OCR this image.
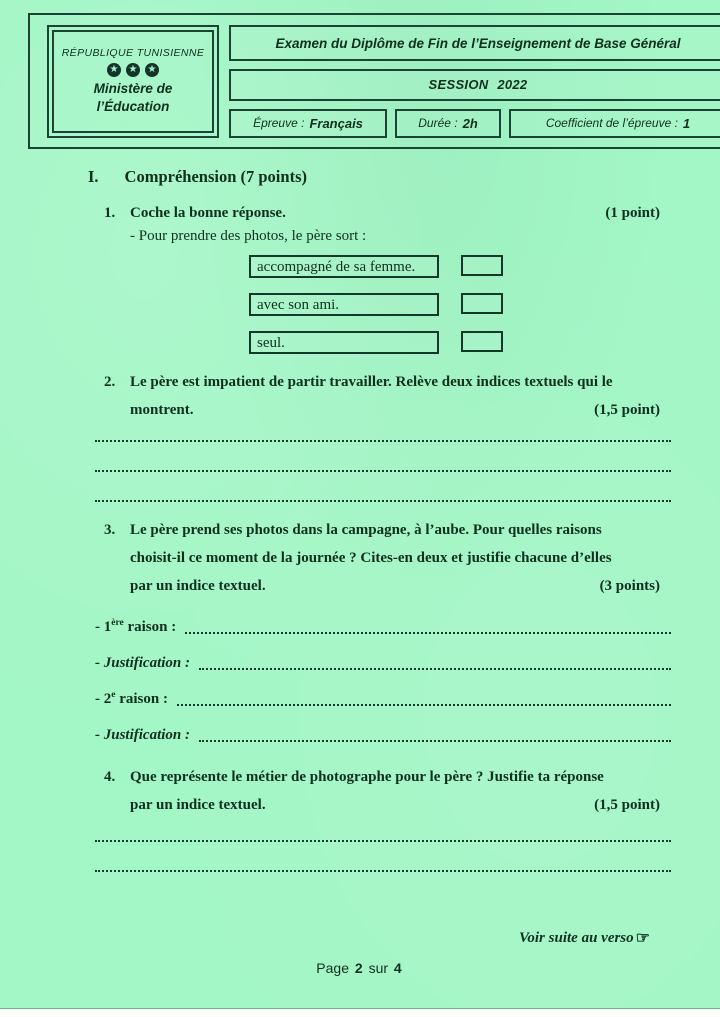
RÉPUBLIQUE TUNISIENNE
★ ★ ★
Ministère de
l’Éducation
Examen du Diplôme de Fin de l’Enseignement de Base Général
SESSION 2022
Épreuve : Français	Durée : 2h	Coefficient de l’épreuve : 1
I. Compréhension (7 points)
1. Coche la bonne réponse.	(1 point)
- Pour prendre des photos, le père sort :
accompagné de sa femme.
avec son ami.
seul.
2. Le père est impatient de partir travailler. Relève deux indices textuels qui le
montrent.	(1,5 point)
3. Le père prend ses photos dans la campagne, à l’aube. Pour quelles raisons
choisit-il ce moment de la journée ? Cites-en deux et justifie chacune d’elles
par un indice textuel.	(3 points)
- 1ère raison :
- Justification :
- 2e raison :
- Justification :
4. Que représente le métier de photographe pour le père ? Justifie ta réponse
par un indice textuel.	(1,5 point)
Voir suite au verso ☞
Page 2 sur 4
